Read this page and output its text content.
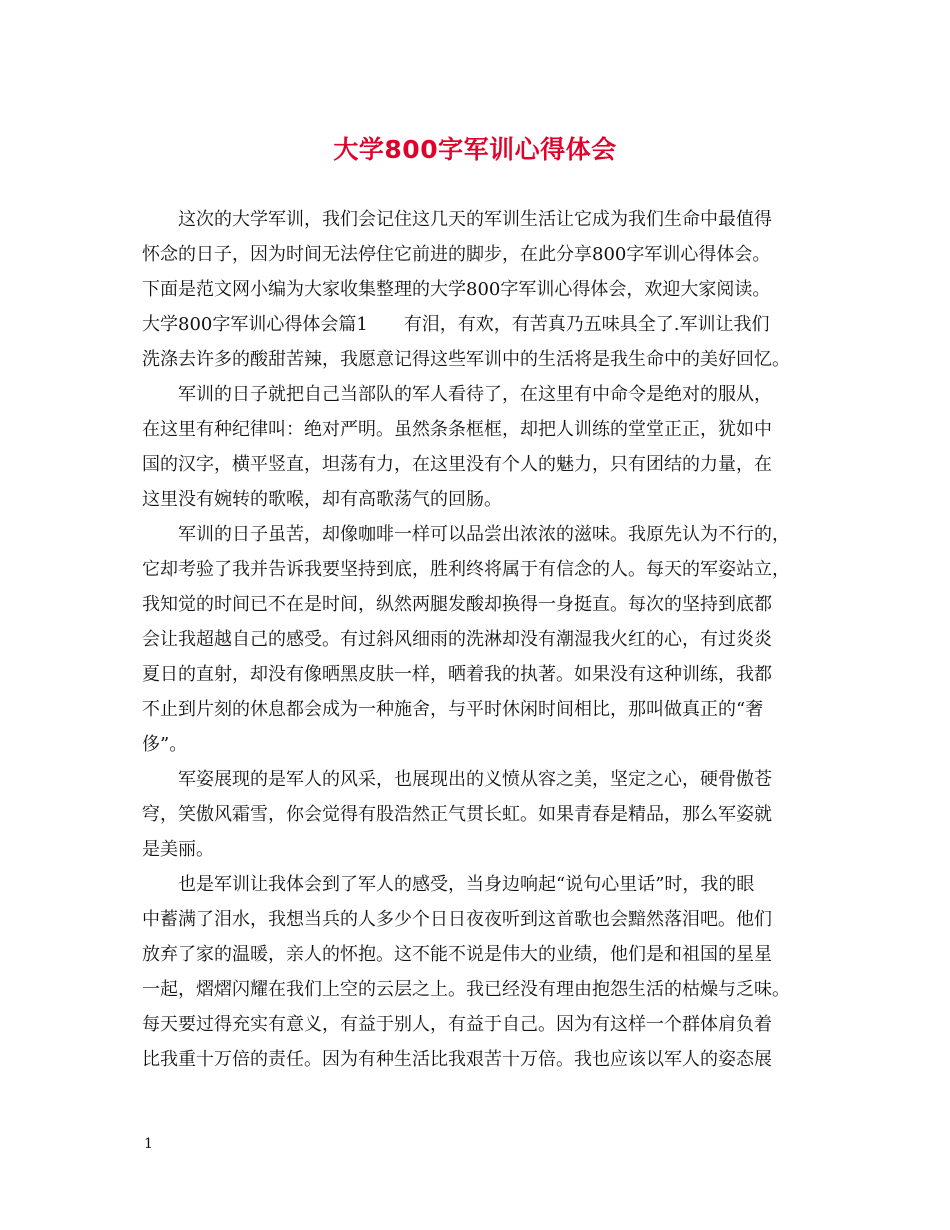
大学800字军训心得体会
这次的大学军训，我们会记住这几天的军训生活让它成为我们生命中最值得
怀念的日子，因为时间无法停住它前进的脚步，在此分享800字军训心得体会。
下面是范文网小编为大家收集整理的大学800字军训心得体会，欢迎大家阅读。
大学800字军训心得体会篇1 有泪，有欢，有苦真乃五味具全了.军训让我们
洗涤去许多的酸甜苦辣，我愿意记得这些军训中的生活将是我生命中的美好回忆。
军训的日子就把自己当部队的军人看待了，在这里有中命令是绝对的服从，
在这里有种纪律叫：绝对严明。虽然条条框框，却把人训练的堂堂正正，犹如中
国的汉字，横平竖直，坦荡有力，在这里没有个人的魅力，只有团结的力量，在
这里没有婉转的歌喉，却有高歌荡气的回肠。
军训的日子虽苦，却像咖啡一样可以品尝出浓浓的滋味。我原先认为不行的，
它却考验了我并告诉我要坚持到底，胜利终将属于有信念的人。每天的军姿站立，
我知觉的时间已不在是时间，纵然两腿发酸却换得一身挺直。每次的坚持到底都
会让我超越自己的感受。有过斜风细雨的洗淋却没有潮湿我火红的心，有过炎炎
夏日的直射，却没有像晒黑皮肤一样，晒着我的执著。如果没有这种训练，我都
不止到片刻的休息都会成为一种施舍，与平时休闲时间相比，那叫做真正的“奢
侈”。
军姿展现的是军人的风采，也展现出的义愤从容之美，坚定之心，硬骨傲苍
穹，笑傲风霜雪，你会觉得有股浩然正气贯长虹。如果青春是精品，那么军姿就
是美丽。
也是军训让我体会到了军人的感受，当身边响起“说句心里话”时，我的眼
中蓄满了泪水，我想当兵的人多少个日日夜夜听到这首歌也会黯然落泪吧。他们
放弃了家的温暖，亲人的怀抱。这不能不说是伟大的业绩，他们是和祖国的星星
一起，熠熠闪耀在我们上空的云层之上。我已经没有理由抱怨生活的枯燥与乏味。
每天要过得充实有意义，有益于别人，有益于自己。因为有这样一个群体肩负着
比我重十万倍的责任。因为有种生活比我艰苦十万倍。我也应该以军人的姿态展
1
